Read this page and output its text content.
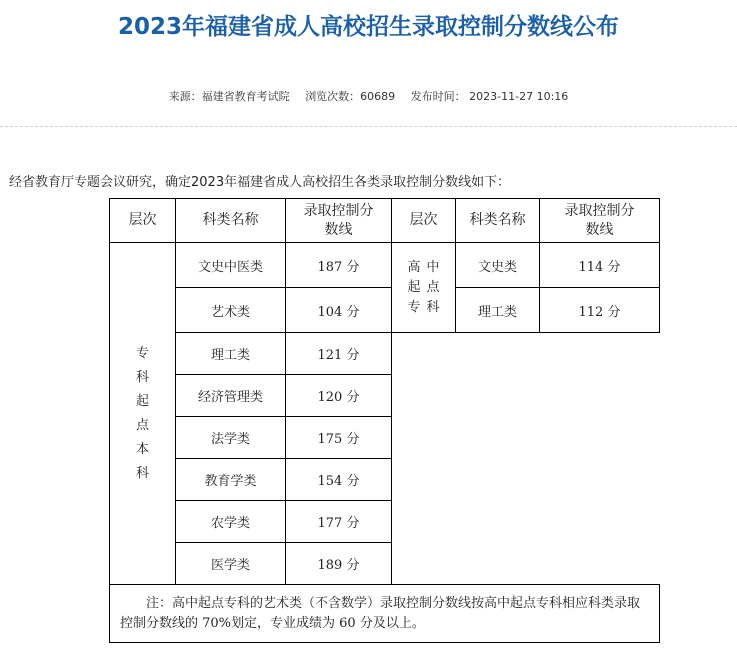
2023年福建省成人高校招生录取控制分数线公布
来源：福建省教育考试院 浏览次数：60689 发布时间： 2023-11-27 10:16
经省教育厅专题会议研究，确定2023年福建省成人高校招生各类录取控制分数线如下：
层次	科类名称	录取控制分数线	层次	科类名称	录取控制分数线
专科起点本科	文史中医类	187 分	高中起点专科	文史类	114 分
	艺术类	104 分		理工类	112 分
	理工类	121 分			
	经济管理类	120 分			
	法学类	175 分			
	教育学类	154 分			
	农学类	177 分			
	医学类	189 分			
注：高中起点专科的艺术类（不含数学）录取控制分数线按高中起点专科相应科类录取控制分数线的 70%划定，专业成绩为 60 分及以上。					
